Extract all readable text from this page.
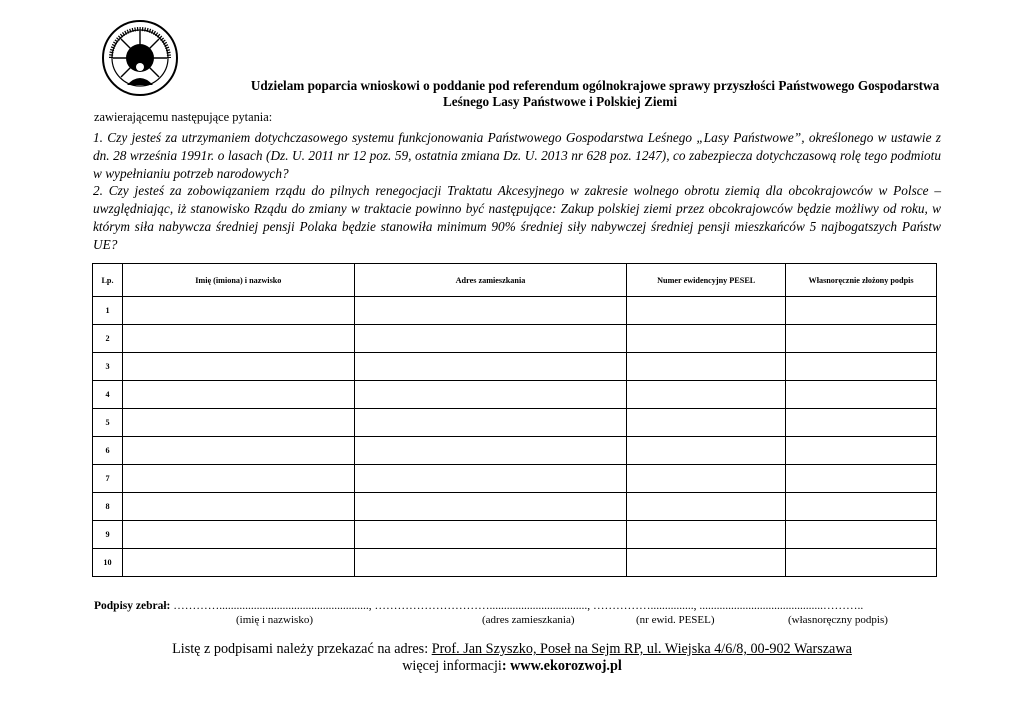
Udzielam poparcia wnioskowi o poddanie pod referendum ogólnokrajowe sprawy przyszłości Państwowego Gospodarstwa
Leśnego Lasy Państwowe i Polskiej Ziemi
zawierającemu następujące pytania:

1. Czy jesteś za utrzymaniem dotychczasowego systemu funkcjonowania Państwowego Gospodarstwa Leśnego „Lasy Państwowe”, określonego w ustawie z dn. 28 września 1991r. o lasach (Dz. U. 2011 nr 12 poz. 59, ostatnia zmiana Dz. U. 2013 nr 628 poz. 1247), co zabezpiecza dotychczasową rolę tego podmiotu w wypełnianiu potrzeb narodowych?

2. Czy jesteś za zobowiązaniem rządu do pilnych renegocjacji Traktatu Akcesyjnego w zakresie wolnego obrotu ziemią dla obcokrajowców w Polsce – uwzględniając, iż stanowisko Rządu do zmiany w traktacie powinno być następujące: Zakup polskiej ziemi przez obcokrajowców będzie możliwy od roku, w którym siła nabywcza średniej pensji Polaka będzie stanowiła minimum 90% średniej siły nabywczej średniej pensji mieszkańców 5 najbogatszych Państw UE?

Lp.	Imię (imiona) i nazwisko	Adres zamieszkania	Numer ewidencyjny PESEL	Własnoręcznie złożony podpis
1				
2				
3				
4				
5				
6				
7				
8				
9				
10				
Podpisy zebrał: …………...................................................., ………………………….................................., ……………..............., ...........................................………..
(imię i nazwisko)	(adres zamieszkania)	(nr ewid. PESEL)	(własnoręczny podpis)
Listę z podpisami należy przekazać na adres: Prof. Jan Szyszko, Poseł na Sejm RP, ul. Wiejska 4/6/8, 00-902 Warszawa
więcej informacji: www.ekorozwoj.pl
